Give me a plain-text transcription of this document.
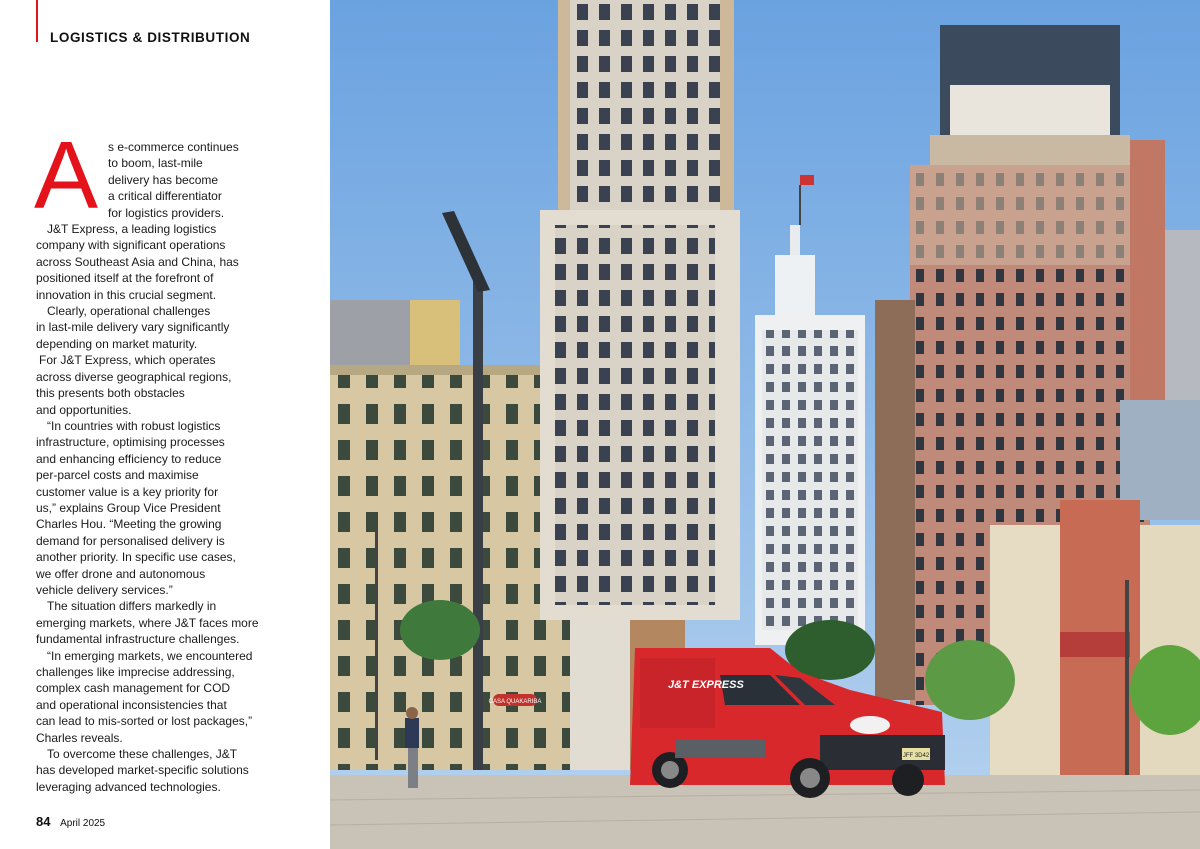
LOGISTICS & DISTRIBUTION
A s e-commerce continues
to boom, last-mile
delivery has become
a critical differentiator
for logistics providers.
J&T Express, a leading logistics
company with significant operations
across Southeast Asia and China, has
positioned itself at the forefront of
innovation in this crucial segment.
Clearly, operational challenges
in last-mile delivery vary significantly
depending on market maturity.
For J&T Express, which operates
across diverse geographical regions,
this presents both obstacles
and opportunities.
“In countries with robust logistics
infrastructure, optimising processes
and enhancing efficiency to reduce
per-parcel costs and maximise
customer value is a key priority for
us,” explains Group Vice President
Charles Hou. “Meeting the growing
demand for personalised delivery is
another priority. In specific use cases,
we offer drone and autonomous
vehicle delivery services.”
The situation differs markedly in
emerging markets, where J&T faces more
fundamental infrastructure challenges.
“In emerging markets, we encountered
challenges like imprecise addressing,
complex cash management for COD
and operational inconsistencies that
can lead to mis-sorted or lost packages,”
Charles reveals.
To overcome these challenges, J&T
has developed market-specific solutions
leveraging advanced technologies.
84 April 2025
CASA QUAKARIBA
J&T EXPRESS
JFF 3D42
